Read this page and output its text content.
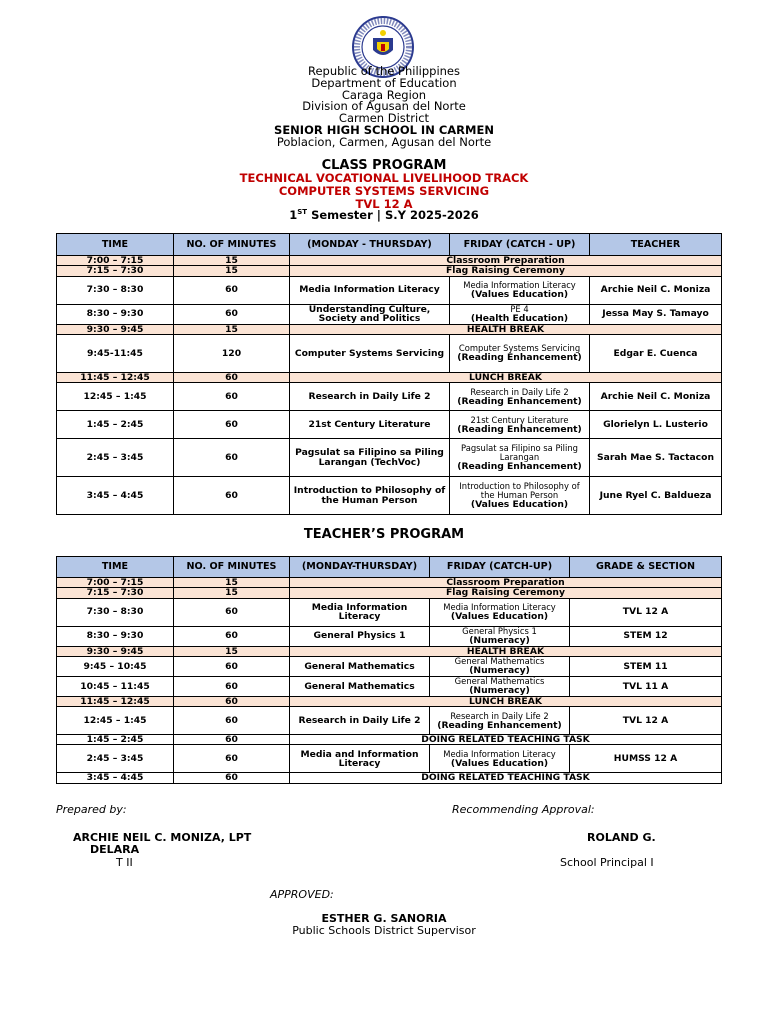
Republic of the Philippines
Department of Education
Caraga Region
Division of Agusan del Norte
Carmen District
SENIOR HIGH SCHOOL IN CARMEN
Poblacion, Carmen, Agusan del Norte
CLASS PROGRAM
TECHNICAL VOCATIONAL LIVELIHOOD TRACK
COMPUTER SYSTEMS SERVICING
TVL 12 A
1ST Semester | S.Y 2025-2026
TIME	NO. OF MINUTES	(MONDAY - THURSDAY)	FRIDAY (CATCH - UP)	TEACHER
7:00 – 7:15	15	Classroom Preparation		
7:15 – 7:30	15	Flag Raising Ceremony		
7:30 – 8:30	60	Media Information Literacy	Media Information Literacy
(Values Education)	Archie Neil C. Moniza
8:30 – 9:30	60	Understanding Culture, Society and Politics	PE 4
(Health Education)	Jessa May S. Tamayo
9:30 – 9:45	15	HEALTH BREAK		
9:45-11:45	120	Computer Systems Servicing	Computer Systems Servicing
(Reading Enhancement)	Edgar E. Cuenca
11:45 – 12:45	60	LUNCH BREAK		
12:45 – 1:45	60	Research in Daily Life 2	Research in Daily Life 2
(Reading Enhancement)	Archie Neil C. Moniza
1:45 – 2:45	60	21st Century Literature	21st Century Literature
(Reading Enhancement)	Glorielyn L. Lusterio
2:45 – 3:45	60	Pagsulat sa Filipino sa Piling Larangan (TechVoc)	Pagsulat sa Filipino sa Piling Larangan
(Reading Enhancement)	Sarah Mae S. Tactacon
3:45 – 4:45	60	Introduction to Philosophy of the Human Person	Introduction to Philosophy of the Human Person
(Values Education)	June Ryel C. Baldueza
TEACHER’S PROGRAM
TIME	NO. OF MINUTES	(MONDAY-THURSDAY)	FRIDAY (CATCH-UP)	GRADE & SECTION
7:00 – 7:15	15	Classroom Preparation		
7:15 – 7:30	15	Flag Raising Ceremony		
7:30 – 8:30	60	Media Information Literacy	Media Information Literacy
(Values Education)	TVL 12 A
8:30 – 9:30	60	General Physics 1	General Physics 1
(Numeracy)	STEM 12
9:30 – 9:45	15	HEALTH BREAK		
9:45 – 10:45	60	General Mathematics	General Mathematics
(Numeracy)	STEM 11
10:45 – 11:45	60	General Mathematics	General Mathematics
(Numeracy)	TVL 11 A
11:45 – 12:45	60	LUNCH BREAK		
12:45 – 1:45	60	Research in Daily Life 2	Research in Daily Life 2
(Reading Enhancement)	TVL 12 A
1:45 – 2:45	60	DOING RELATED TEACHING TASK		
2:45 – 3:45	60	Media and Information Literacy	Media Information Literacy
(Values Education)	HUMSS 12 A
3:45 – 4:45	60	DOING RELATED TEACHING TASK		
Prepared by:	Recommending Approval:
ARCHIE NEIL C. MONIZA, LPT
DELARA
T II
ROLAND G.
School Principal I
APPROVED:
ESTHER G. SANORIA
Public Schools District Supervisor
